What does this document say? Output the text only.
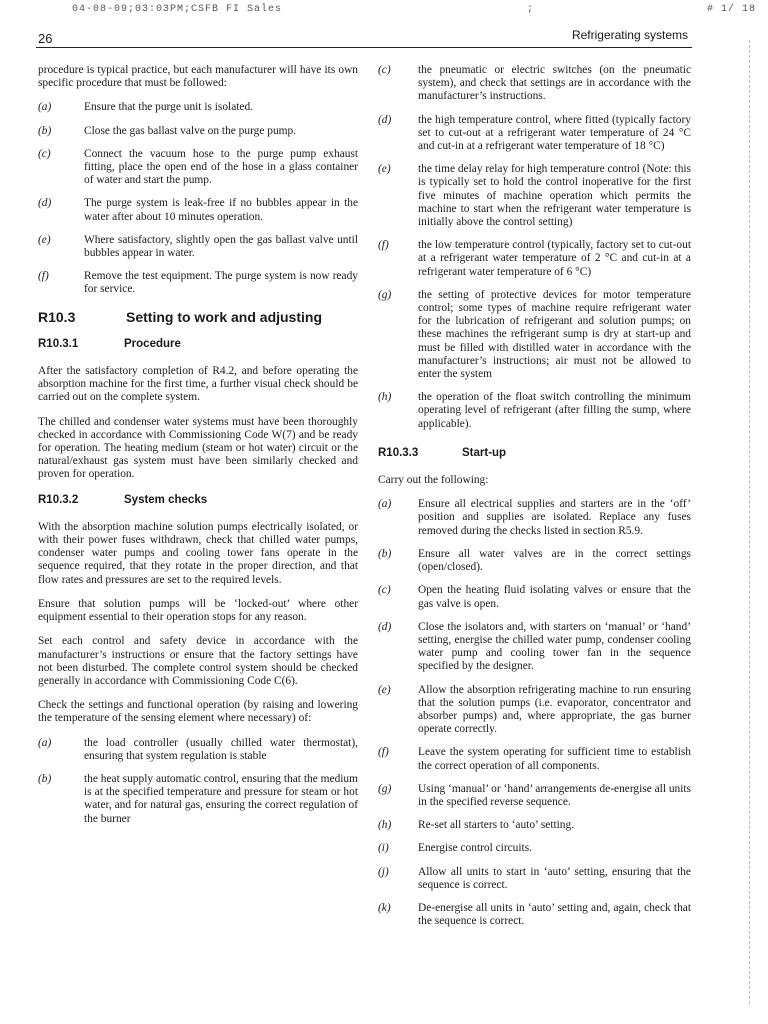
04-08-09;03:03PM;CSFB FI Sales	;	# 1/ 18
26	Refrigerating systems

procedure is typical practice, but each manufacturer will have its own specific procedure that must be followed:

(a)	Ensure that the purge unit is isolated.
(b)	Close the gas ballast valve on the purge pump.
(c)	Connect the vacuum hose to the purge pump exhaust fitting, place the open end of the hose in a glass container of water and start the pump.
(d)	The purge system is leak-free if no bubbles appear in the water after about 10 minutes operation.
(e)	Where satisfactory, slightly open the gas ballast valve until bubbles appear in water.
(f)	Remove the test equipment. The purge system is now ready for service.
R10.3	Setting to work and adjusting
R10.3.1	Procedure

After the satisfactory completion of R4.2, and before operating the absorption machine for the first time, a further visual check should be carried out on the complete system.

The chilled and condenser water systems must have been thoroughly checked in accordance with Commissioning Code W(7) and be ready for operation. The heating medium (steam or hot water) circuit or the natural/exhaust gas system must have been similarly checked and proven for operation.

R10.3.2	System checks

With the absorption machine solution pumps electrically isolated, or with their power fuses withdrawn, check that chilled water pumps, condenser water pumps and cooling tower fans operate in the sequence required, that they rotate in the proper direction, and that flow rates and pressures are set to the required levels.

Ensure that solution pumps will be ‘locked-out’ where other equipment essential to their operation stops for any reason.

Set each control and safety device in accordance with the manufacturer’s instructions or ensure that the factory settings have not been disturbed. The complete control system should be checked generally in accordance with Commissioning Code C(6).

Check the settings and functional operation (by raising and lowering the temperature of the sensing element where necessary) of:

(a)	the load controller (usually chilled water thermostat), ensuring that system regulation is stable
(b)	the heat supply automatic control, ensuring that the medium is at the specified temperature and pressure for steam or hot water, and for natural gas, ensuring the correct regulation of the burner
(c) the pneumatic or electric switches (on the pneumatic system), and check that settings are in accordance with the manufacturer’s instructions.
(d) the high temperature control, where fitted (typically factory set to cut-out at a refrigerant water temperature of 24 °C and cut-in at a refrigerant water temperature of 18 °C)
(e) the time delay relay for high temperature control (Note: this is typically set to hold the control inoperative for the first five minutes of machine operation which permits the machine to start when the refrigerant water temperature is initially above the control setting)
(f)	the low temperature control (typically, factory set to cut-out at a refrigerant water temperature of 2 °C and cut-in at a refrigerant water temperature of 6 °C)
(g) the setting of protective devices for motor temperature control; some types of machine require refrigerant water for the lubrication of refrigerant and solution pumps; on these machines the refrigerant sump is dry at start-up and must be filled with distilled water in accordance with the manufacturer’s instructions; air must not be allowed to enter the system
(h) the operation of the float switch controlling the minimum operating level of refrigerant (after filling the sump, where applicable).
R10.3.3	Start-up

Carry out the following:

(a) Ensure all electrical supplies and starters are in the ‘off’ position and supplies are isolated. Replace any fuses removed during the checks listed in section R5.9.
(b) Ensure all water valves are in the correct settings (open/closed).
(c) Open the heating fluid isolating valves or ensure that the gas valve is open.
(d) Close the isolators and, with starters on ‘manual’ or ‘hand’ setting, energise the chilled water pump, condenser cooling water pump and cooling tower fan in the sequence specified by the designer.
(e) Allow the absorption refrigerating machine to run ensuring that the solution pumps (i.e. evaporator, concentrator and absorber pumps) and, where appropriate, the gas burner operate correctly.
(f)	Leave the system operating for sufficient time to establish the correct operation of all components.
(g) Using ‘manual’ or ‘hand’ arrangements de-energise all units in the specified reverse sequence.
(h) Re-set all starters to ‘auto’ setting.
(i)	Energise control circuits.
(j)	Allow all units to start in ‘auto’ setting, ensuring that the sequence is correct.
(k) De-energise all units in ‘auto’ setting and, again, check that the sequence is correct.
